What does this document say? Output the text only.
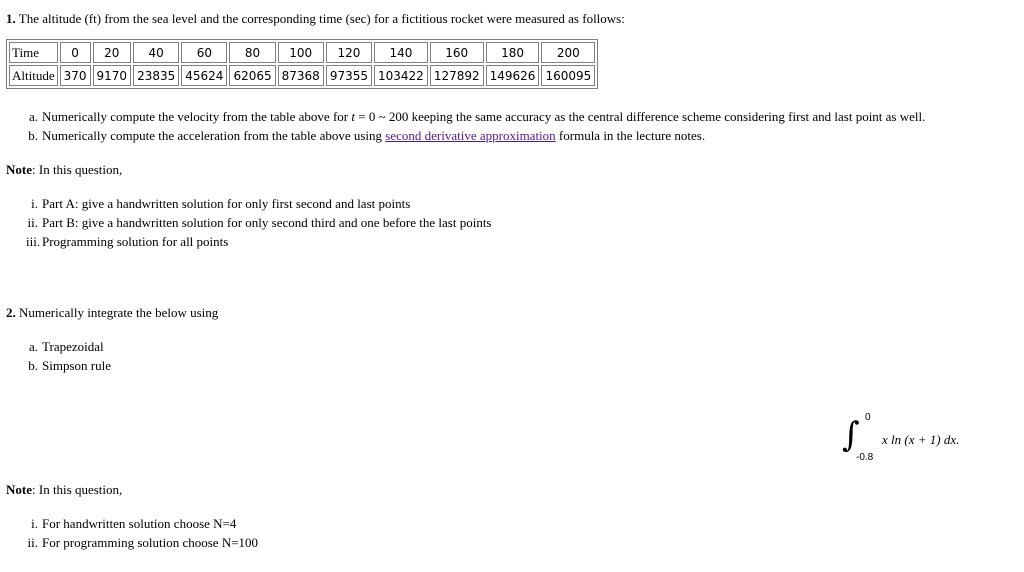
1. The altitude (ft) from the sea level and the corresponding time (sec) for a fictitious rocket were measured as follows:
Time	0	20	40	60	80	100	120	140	160	180	200
Altitude	370	9170	23835	45624	62065	87368	97355	103422	127892	149626	160095
a. Numerically compute the velocity from the table above for t = 0 ~ 200 keeping the same accuracy as the central difference scheme considering first and last point as well.
b. Numerically compute the acceleration from the table above using second derivative approximation formula in the lecture notes.
Note: In this question,
i. Part A: give a handwritten solution for only first second and last points
ii. Part B: give a handwritten solution for only second third and one before the last points
iii. Programming solution for all points
2. Numerically integrate the below using
a. Trapezoidal
b. Simpson rule
0
∫
-0.8
x ln (x + 1) dx.
Note: In this question,
i. For handwritten solution choose N=4
ii. For programming solution choose N=100
